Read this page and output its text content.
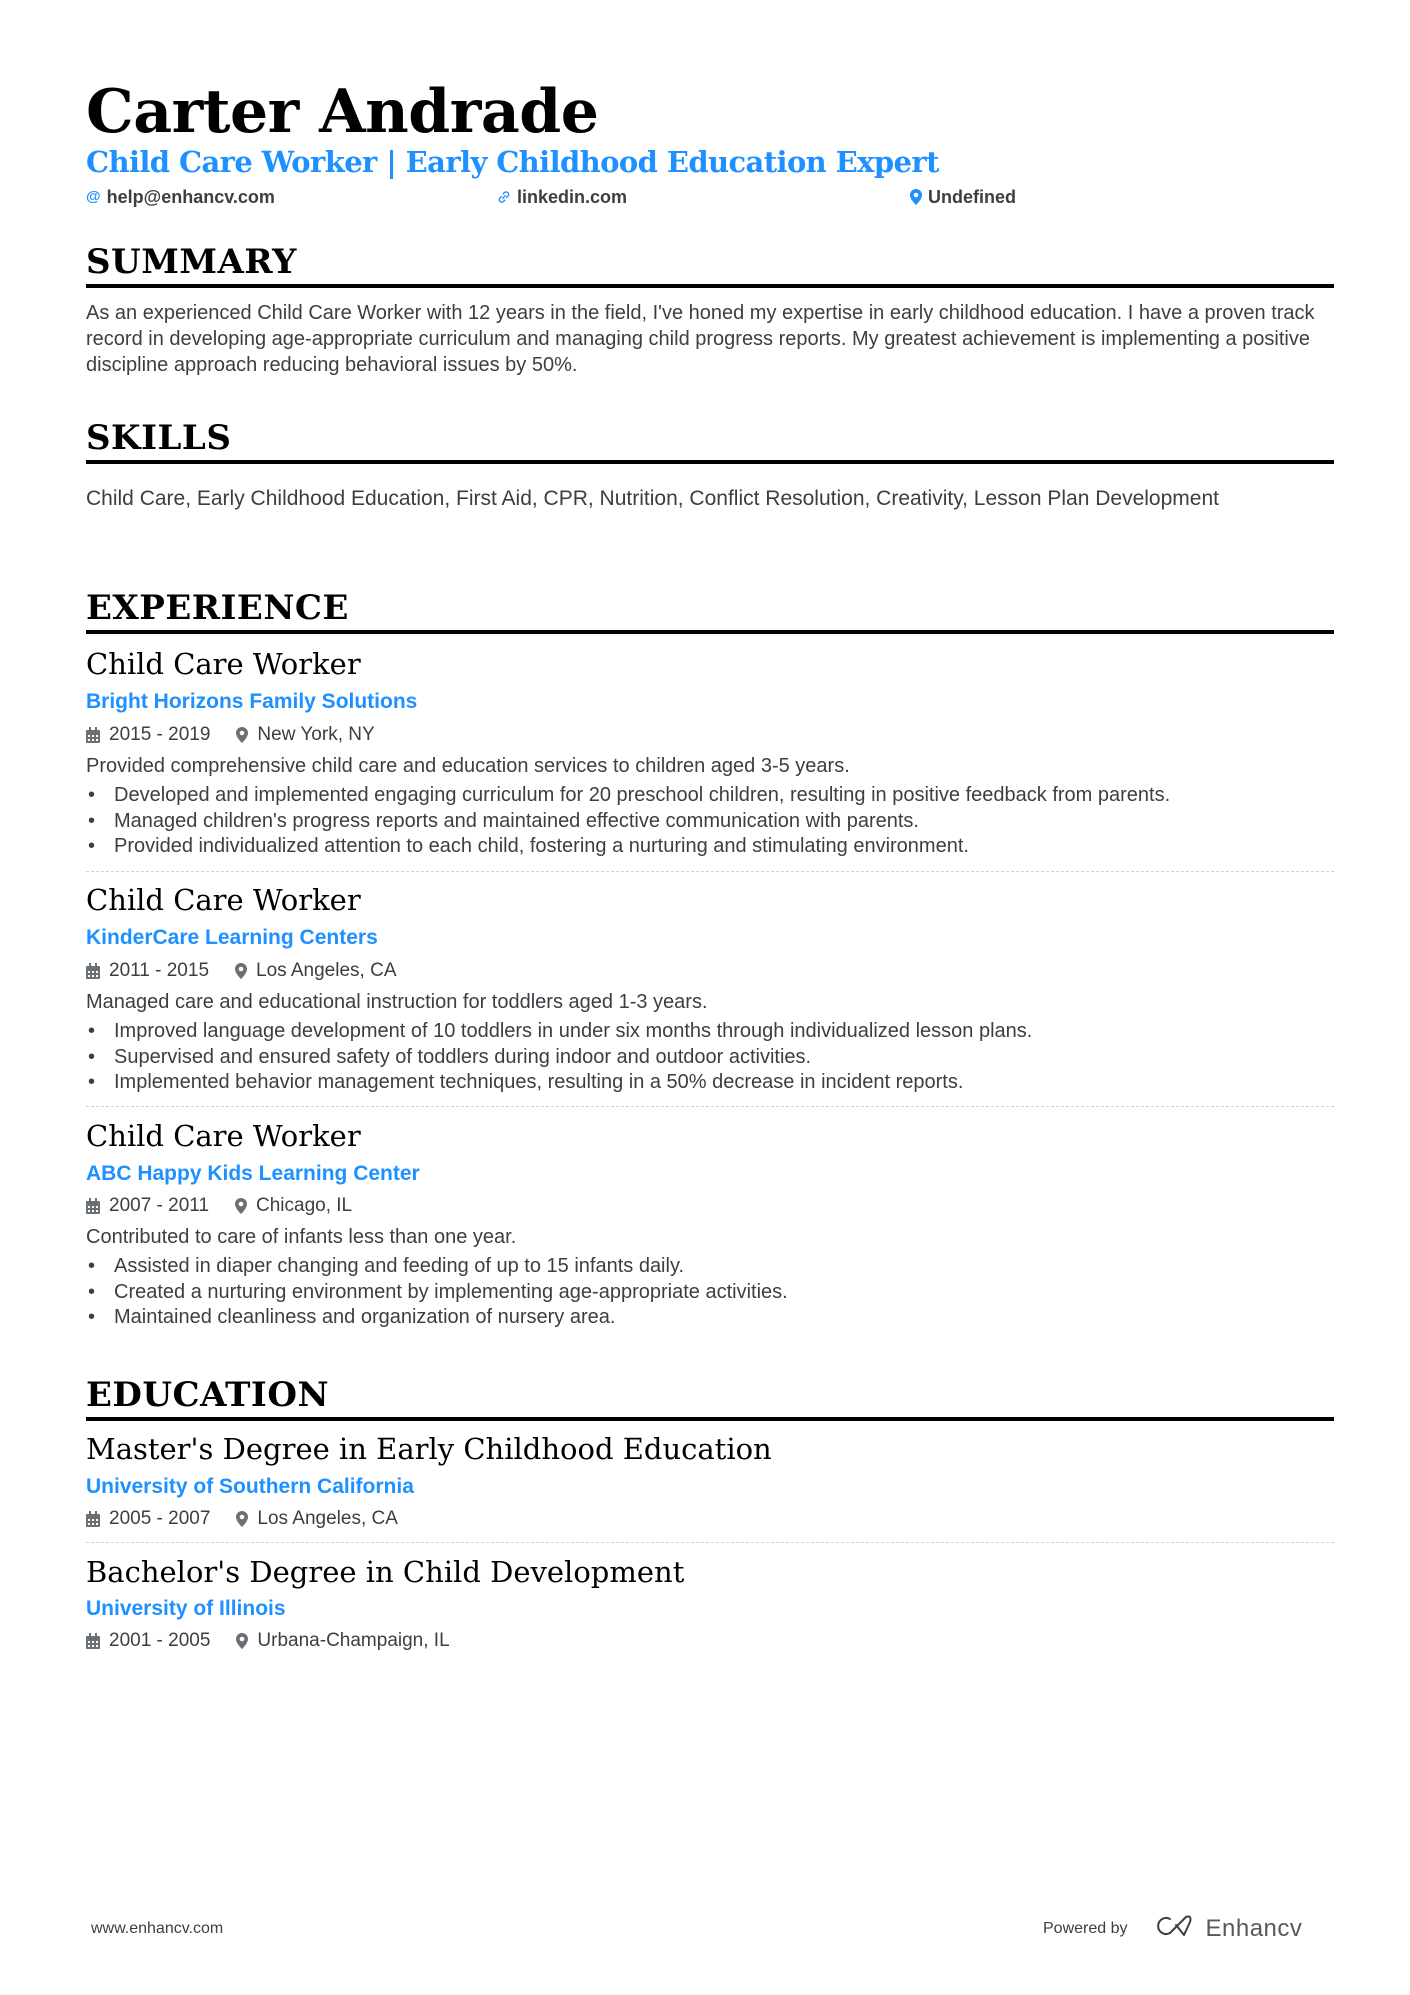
Carter Andrade
Child Care Worker | Early Childhood Education Expert
@ help@enhancv.com	linkedin.com	Undefined
SUMMARY
As an experienced Child Care Worker with 12 years in the field, I've honed my expertise in early childhood education. I have a proven track record in developing age-appropriate curriculum and managing child progress reports. My greatest achievement is implementing a positive discipline approach reducing behavioral issues by 50%.
SKILLS
Child Care, Early Childhood Education, First Aid, CPR, Nutrition, Conflict Resolution, Creativity, Lesson Plan Development
EXPERIENCE
Child Care Worker
Bright Horizons Family Solutions
2015 - 2019 New York, NY
Provided comprehensive child care and education services to children aged 3-5 years.
• Developed and implemented engaging curriculum for 20 preschool children, resulting in positive feedback from parents.
• Managed children's progress reports and maintained effective communication with parents.
• Provided individualized attention to each child, fostering a nurturing and stimulating environment.
Child Care Worker
KinderCare Learning Centers
2011 - 2015 Los Angeles, CA
Managed care and educational instruction for toddlers aged 1-3 years.
• Improved language development of 10 toddlers in under six months through individualized lesson plans.
• Supervised and ensured safety of toddlers during indoor and outdoor activities.
• Implemented behavior management techniques, resulting in a 50% decrease in incident reports.
Child Care Worker
ABC Happy Kids Learning Center
2007 - 2011 Chicago, IL
Contributed to care of infants less than one year.
• Assisted in diaper changing and feeding of up to 15 infants daily.
• Created a nurturing environment by implementing age-appropriate activities.
• Maintained cleanliness and organization of nursery area.
EDUCATION
Master's Degree in Early Childhood Education
University of Southern California
2005 - 2007 Los Angeles, CA
Bachelor's Degree in Child Development
University of Illinois
2001 - 2005 Urbana-Champaign, IL
www.enhancv.com	Powered by	Enhancv
